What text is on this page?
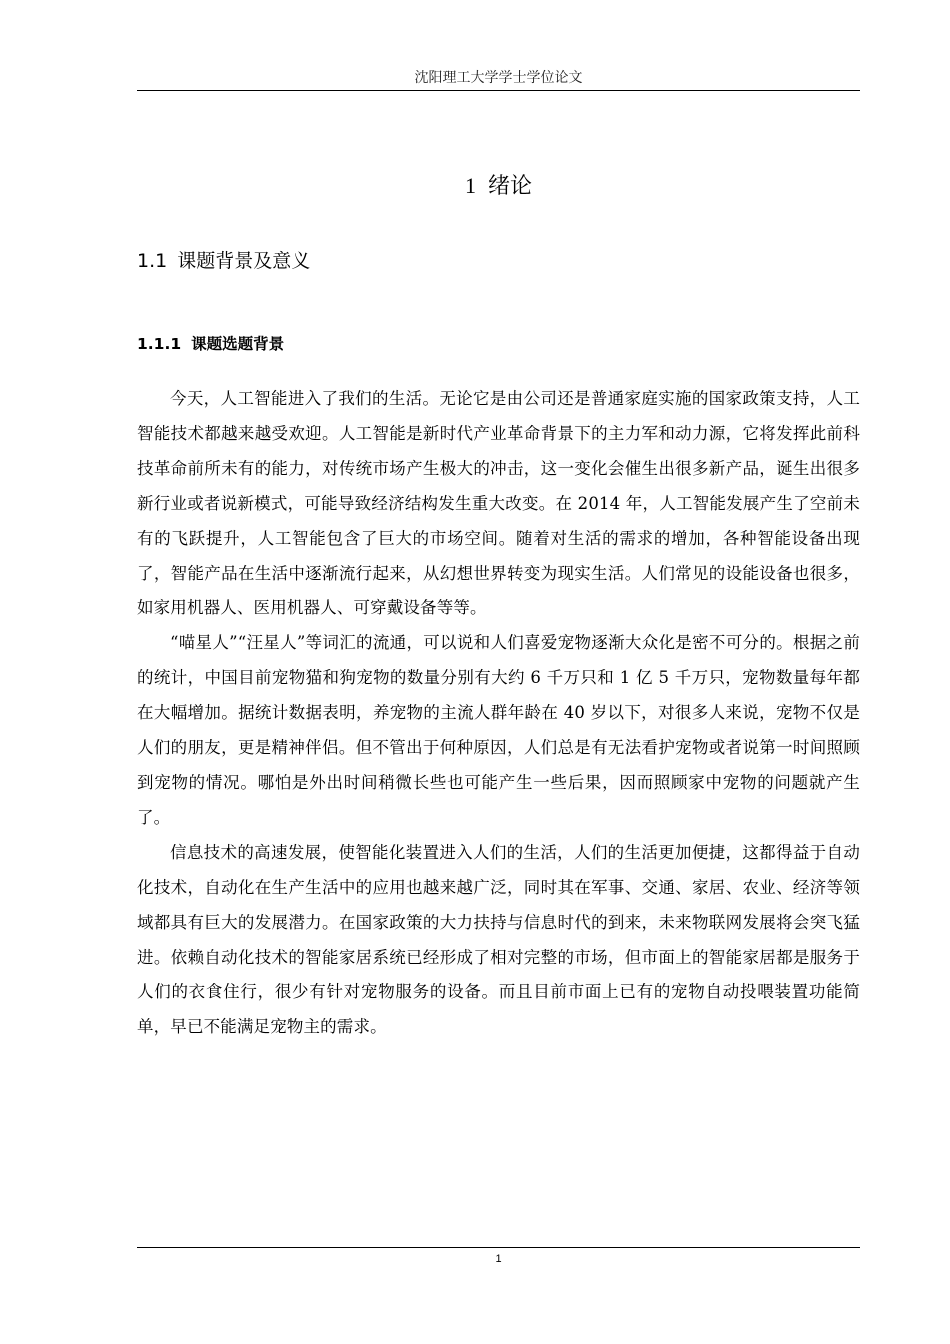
沈阳理工大学学士学位论文
1 绪论
1.1 课题背景及意义
1.1.1 课题选题背景

今天，人工智能进入了我们的生活。无论它是由公司还是普通家庭实施的国家政策支持，人工智能技术都越来越受欢迎。人工智能是新时代产业革命背景下的主力军和动力源，它将发挥此前科技革命前所未有的能力，对传统市场产生极大的冲击，这一变化会催生出很多新产品，诞生出很多新行业或者说新模式，可能导致经济结构发生重大改变。在 2014 年，人工智能发展产生了空前未有的飞跃提升，人工智能包含了巨大的市场空间。随着对生活的需求的增加，各种智能设备出现了，智能产品在生活中逐渐流行起来，从幻想世界转变为现实生活。人们常见的设能设备也很多，如家用机器人、医用机器人、可穿戴设备等等。

“喵星人”“汪星人”等词汇的流通，可以说和人们喜爱宠物逐渐大众化是密不可分的。根据之前的统计，中国目前宠物猫和狗宠物的数量分别有大约 6 千万只和 1 亿 5 千万只，宠物数量每年都在大幅增加。据统计数据表明，养宠物的主流人群年龄在 40 岁以下，对很多人来说，宠物不仅是人们的朋友，更是精神伴侣。但不管出于何种原因，人们总是有无法看护宠物或者说第一时间照顾到宠物的情况。哪怕是外出时间稍微长些也可能产生一些后果，因而照顾家中宠物的问题就产生了。

信息技术的高速发展，使智能化装置进入人们的生活，人们的生活更加便捷，这都得益于自动化技术，自动化在生产生活中的应用也越来越广泛，同时其在军事、交通、家居、农业、经济等领域都具有巨大的发展潜力。在国家政策的大力扶持与信息时代的到来，未来物联网发展将会突飞猛进。依赖自动化技术的智能家居系统已经形成了相对完整的市场，但市面上的智能家居都是服务于人们的衣食住行，很少有针对宠物服务的设备。而且目前市面上已有的宠物自动投喂装置功能简单，早已不能满足宠物主的需求。

1
